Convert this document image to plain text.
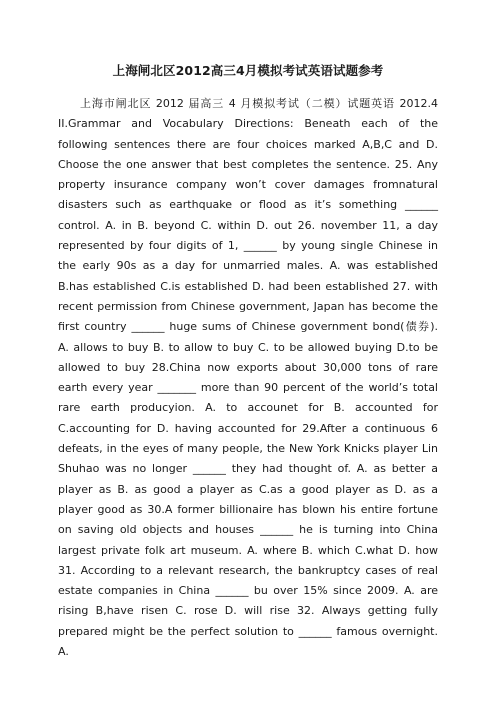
上海闸北区2012高三4月模拟考试英语试题参考

上海市闸北区 2012 届高三 4 月模拟考试（二模）试题英语 2012.4 II.Grammar and Vocabulary Directions: Beneath each of the following sentences there are four choices marked A,B,C and D. Choose the one answer that best completes the sentence. 25. Any property insurance company won’t cover damages fromnatural disasters such as earthquake or flood as it’s something ______ control. A. in B. beyond C. within D. out 26. november 11, a day represented by four digits of 1, ______ by young single Chinese in the early 90s as a day for unmarried males. A. was established B.has established C.is established D. had been established 27. with recent permission from Chinese government, Japan has become the first country ______ huge sums of Chinese government bond(债券). A. allows to buy B. to allow to buy C. to be allowed buying D.to be allowed to buy 28.China now exports about 30,000 tons of rare earth every year _______ more than 90 percent of the world’s total rare earth producyion. A. to accounet for B. accounted for C.accounting for D. having accounted for 29.After a continuous 6 defeats, in the eyes of many people, the New York Knicks player Lin Shuhao was no longer ______ they had thought of. A. as better a player as B. as good a player as C.as a good player as D. as a player good as 30.A former billionaire has blown his entire fortune on saving old objects and houses ______ he is turning into China largest private folk art museum. A. where B. which C.what D. how 31. According to a relevant research, the bankruptcy cases of real estate companies in China ______ bu over 15% since 2009. A. are rising B,have risen C. rose D. will rise 32. Always getting fully prepared might be the perfect solution to ______ famous overnight. A.
